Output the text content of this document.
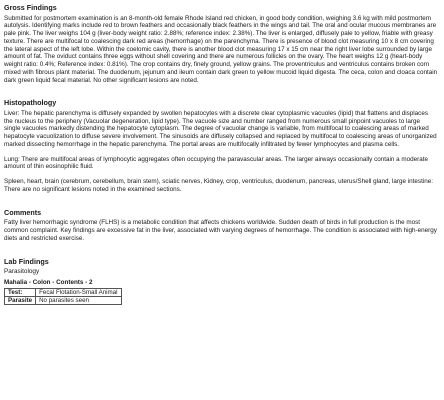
Gross Findings

Submitted for postmortem examination is an 8-month-old female Rhode Island red chicken, in good body condition, weighing 3.6 kg with mild postmortem autolysis. Identifying marks include red to brown feathers and occasionally black feathers in the wings and tail. The oral and ocular mucous membranes are pale pink. The liver weighs 104 g (liver-body weight ratio: 2.88%; reference index: 2.38%). The liver is enlarged, diffusely pale to yellow, friable with greasy texture. There are multifocal to coalescing dark red areas (hemorrhage) on the parenchyma. There is presence of blood clot measuring 10 x 8 cm covering the lateral aspect of the left lobe. Within the coelomic cavity, there is another blood clot measuring 17 x 15 cm near the right liver lobe surrounded by large amount of fat. The oviduct contains three eggs without shell covering and there are numerous follicles on the ovary. The heart weighs 12 g (heart-body weight ratio: 0.4%; Reference index: 0.81%). The crop contains dry, finely ground, yellow grains. The proventriculus and ventriculus contains broken corn mixed with fibrous plant material. The duodenum, jejunum and ileum contain dark green to yellow mucoid liquid digesta. The ceca, colon and cloaca contain dark green liquid fecal material. No other significant lesions are noted.

Histopathology

Liver: The hepatic parenchyma is diffusely expanded by swollen hepatocytes with a discrete clear cytoplasmic vacuoles (lipid) that flattens and displaces the nucleus to the periphery (Vacuolar degeneration, lipid type). The vacuole size and number ranged from numerous small pinpoint vacuoles to large single vacuoles markedly distending the hepatocyte cytoplasm. The degree of vacuolar change is variable, from multifocal to coalescing areas of marked hepatocyte vacuolization to diffuse severe involvement. The sinusoids are diffusely collapsed and replaced by multifocal to coalescing areas of unorganized marked dissecting hemorrhage in the hepatic parenchyma. The portal areas are multifocally infiltrated by fewer lymphocytes and plasma cells.

Lung: There are multifocal areas of lymphocytic aggregates often occupying the paravascular areas. The larger airways occasionally contain a moderate amount of thin eosinophilic fluid.

Spleen, heart, brain (cerebrum, cerebellum, brain stem), sciatic nerves, Kidney, crop, ventriculus, duodenum, pancreas, uterus/Shell gland, large intestine: There are no significant lesions noted in the examined sections.

Comments

Fatty liver hemorrhagic syndrome (FLHS) is a metabolic condition that affects chickens worldwide. Sudden death of birds in full production is the most common complaint. Key findings are excessive fat in the liver, associated with varying degrees of hemorrhage. The condition is associated with high-energy diets and restricted exercise.

Lab Findings
Parasitology
Mahalia - Colon - Contents - 2
Test:	Fecal Flotation-Small Animal
Parasite	No parasites seen
